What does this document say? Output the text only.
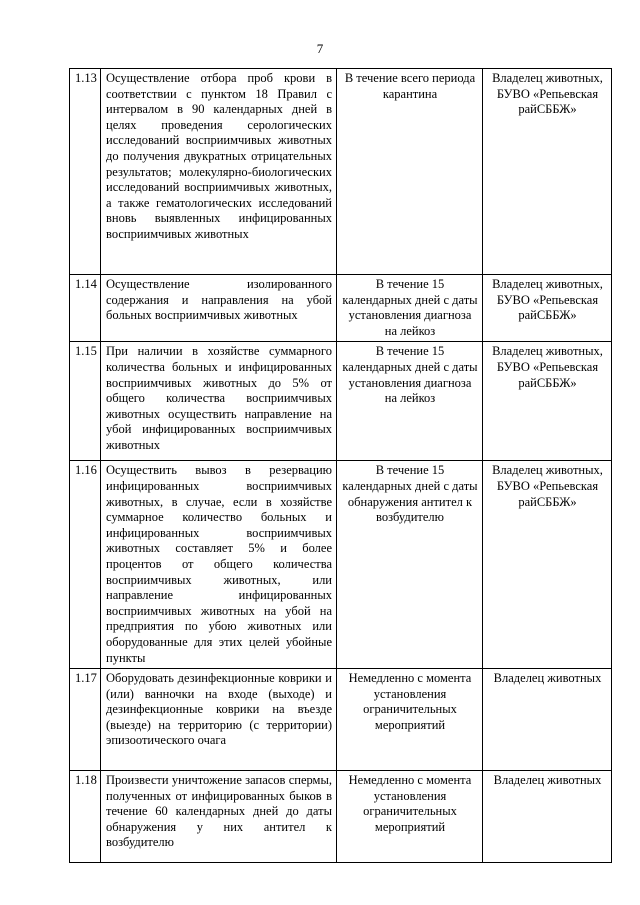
7
1.13	Осуществление отбора проб крови в соответствии с пунктом 18 Правил с интервалом в 90 календарных дней в целях проведения серологических исследований восприимчивых животных до получения двукратных отрицательных результатов; молекулярно-биологических исследований восприимчивых животных, а также гематологических исследований вновь выявленных инфицированных восприимчивых животных	В течение всего периода карантина	Владелец животных, БУВО «Репьевская райСББЖ»
1.14	Осуществление изолированного содержания и направления на убой больных восприимчивых животных	В течение 15 календарных дней с даты установления диагноза на лейкоз	Владелец животных, БУВО «Репьевская райСББЖ»
1.15	При наличии в хозяйстве суммарного количества больных и инфицированных восприимчивых животных до 5% от общего количества восприимчивых животных осуществить направление на убой инфицированных восприимчивых животных	В течение 15 календарных дней с даты установления диагноза на лейкоз	Владелец животных, БУВО «Репьевская райСББЖ»
1.16	Осуществить вывоз в резервацию инфицированных восприимчивых животных, в случае, если в хозяйстве суммарное количество больных и инфицированных восприимчивых животных составляет 5% и более процентов от общего количества восприимчивых животных, или направление инфицированных восприимчивых животных на убой на предприятия по убою животных или оборудованные для этих целей убойные пункты	В течение 15 календарных дней с даты обнаружения антител к возбудителю	Владелец животных, БУВО «Репьевская райСББЖ»
1.17	Оборудовать дезинфекционные коврики и (или) ванночки на входе (выходе) и дезинфекционные коврики на въезде (выезде) на территорию (с территории) эпизоотического очага	Немедленно с момента установления ограничительных мероприятий	Владелец животных
1.18	Произвести уничтожение запасов спермы, полученных от инфицированных быков в течение 60 календарных дней до даты обнаружения у них антител к возбудителю	Немедленно с момента установления ограничительных мероприятий	Владелец животных
